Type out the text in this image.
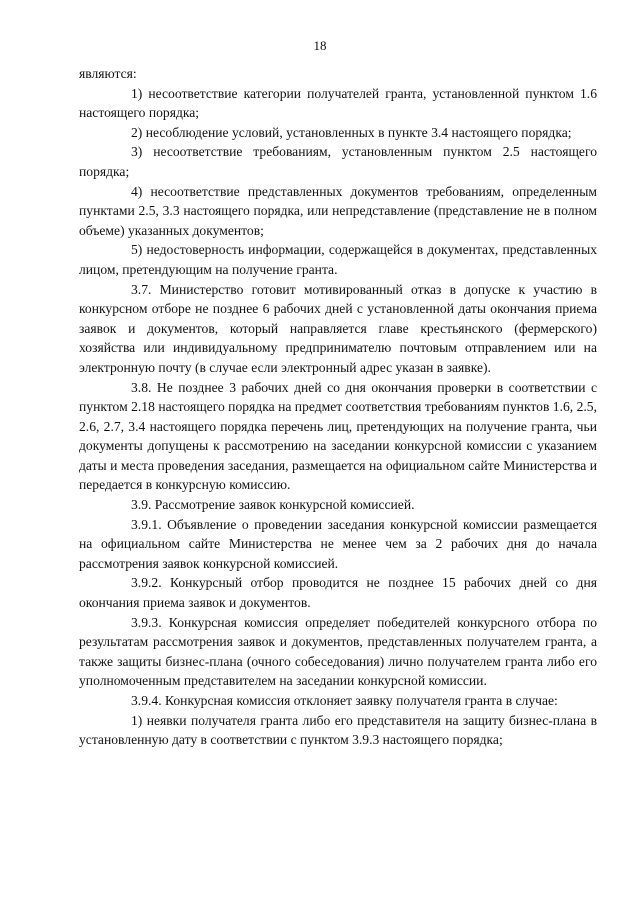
18

являются:

1) несоответствие категории получателей гранта, установленной пунктом 1.6 настоящего порядка;

2) несоблюдение условий, установленных в пункте 3.4 настоящего порядка;

3) несоответствие требованиям, установленным пунктом 2.5 настоящего порядка;

4) несоответствие представленных документов требованиям, определенным пунктами 2.5, 3.3 настоящего порядка, или непредставление (представление не в полном объеме) указанных документов;

5) недостоверность информации, содержащейся в документах, представленных лицом, претендующим на получение гранта.

3.7. Министерство готовит мотивированный отказ в допуске к участию в конкурсном отборе не позднее 6 рабочих дней с установленной даты окончания приема заявок и документов, который направляется главе крестьянского (фермерского) хозяйства или индивидуальному предпринимателю почтовым отправлением или на электронную почту (в случае если электронный адрес указан в заявке).

3.8. Не позднее 3 рабочих дней со дня окончания проверки в соответствии с пунктом 2.18 настоящего порядка на предмет соответствия требованиям пунктов 1.6, 2.5, 2.6, 2.7, 3.4 настоящего порядка перечень лиц, претендующих на получение гранта, чьи документы допущены к рассмотрению на заседании конкурсной комиссии с указанием даты и места проведения заседания, размещается на официальном сайте Министерства и передается в конкурсную комиссию.

3.9. Рассмотрение заявок конкурсной комиссией.

3.9.1. Объявление о проведении заседания конкурсной комиссии размещается на официальном сайте Министерства не менее чем за 2 рабочих дня до начала рассмотрения заявок конкурсной комиссией.

3.9.2. Конкурсный отбор проводится не позднее 15 рабочих дней со дня окончания приема заявок и документов.

3.9.3. Конкурсная комиссия определяет победителей конкурсного отбора по результатам рассмотрения заявок и документов, представленных получателем гранта, а также защиты бизнес-плана (очного собеседования) лично получателем гранта либо его уполномоченным представителем на заседании конкурсной комиссии.

3.9.4. Конкурсная комиссия отклоняет заявку получателя гранта в случае:

1) неявки получателя гранта либо его представителя на защиту бизнес-плана в установленную дату в соответствии с пунктом 3.9.3 настоящего порядка;
